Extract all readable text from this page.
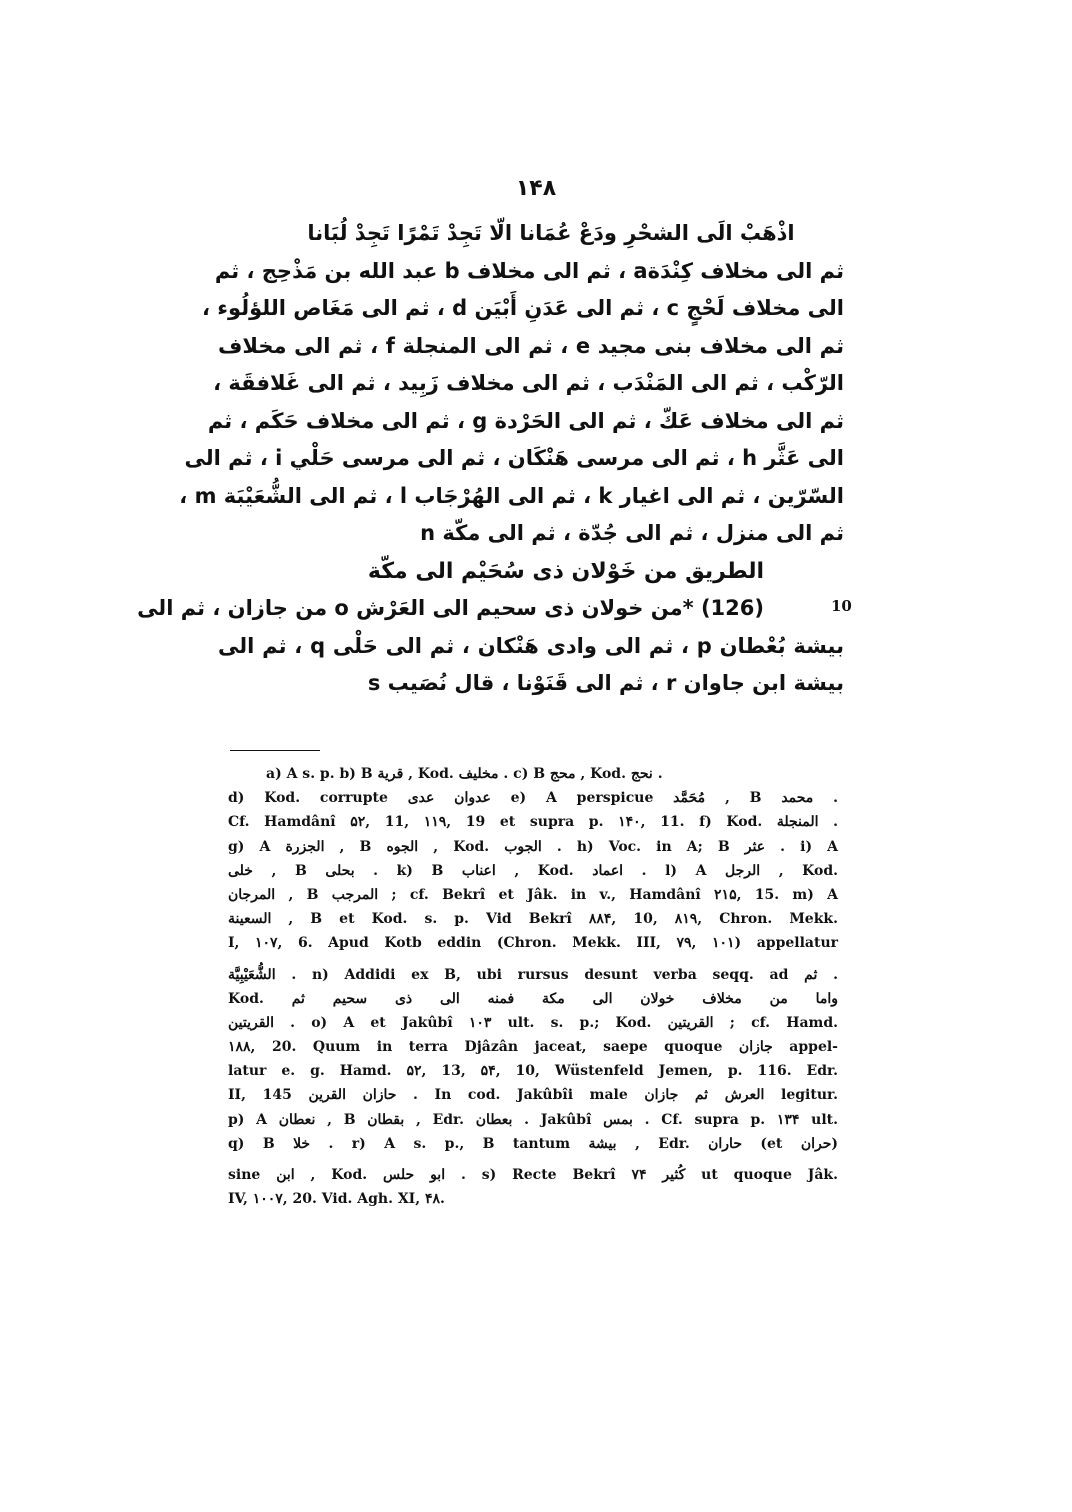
۱۴۸
اذْهَبْ الَى الشحْرِ ودَعْ عُمَانا الّا تَجِدْ تَمْرًا تَجِدْ لُبَانا
ثم الى مخلاف كِنْدَةa ، ثم الى مخلاف b عبد الله بن مَذْحِج ، ثم
الى مخلاف لَحْجٍ c ، ثم الى عَدَنِ أَبْيَن d ، ثم الى مَغَاص اللؤلُوء ،
ثم الى مخلاف بنى مجيد e ، ثم الى المنجلة f ، ثم الى مخلاف
الرّكْب ، ثم الى المَنْدَب ، ثم الى مخلاف زَبِيد ، ثم الى غَلافقَة ،
ثم الى مخلاف عَكّ ، ثم الى الحَرْدة g ، ثم الى مخلاف حَكَم ، ثم
الى عَثَّر h ، ثم الى مرسى هَنْكَان ، ثم الى مرسى حَلْي i ، ثم الى
السّرّين ، ثم الى اغيار k ، ثم الى الهُرْجَاب l ، ثم الى الشُّعَيْبَة m ،
ثم الى منزل ، ثم الى جُدّة ، ثم الى مكّة n
الطريق من خَوْلان ذى سُحَيْم الى مكّة
(126) *من خولان ذى سحيم الى العَرْش o من جازان ، ثم الى
بيشة بُعْطان p ، ثم الى وادى هَنْكان ، ثم الى حَلْى q ، ثم الى
بيشة ابن جاوان r ، ثم الى قَنَوْنا ، قال نُصَيب s
10
a) A s. p. b) B قرية , Kod. مخليف . c) B محج , Kod. نحج .
d) Kod. corrupte عدوان عدى e) A perspicue مُحَمَّد , B محمد .
Cf. Hamdânî ۵۲, 11, ۱۱۹, 19 et supra p. ۱۴۰, 11. f) Kod. المنجلة .
g) A الجزرة , B الجوه , Kod. الجوب . h) Voc. in A; B عثر . i) A
خلى , B بحلى . k) B اعناب , Kod. اعماد . l) A الرجل , Kod.
المرجان , B المرجب ; cf. Bekrî et Jâk. in v., Hamdânî ۲۱۵, 15. m) A
السعينة , B et Kod. s. p. Vid Bekrî ۸۸۴, 10, ۸۱۹, Chron. Mekk.
I, ۱۰۷, 6. Apud Kotb eddin (Chron. Mekk. III, ۷۹, ۱۰۱) appellatur
الشُّعَيْبِيَّة . n) Addidi ex B, ubi rursus desunt verba seqq. ad ثم .
Kod. واما من مخلاف خولان الى مكة فمنه الى ذى سحيم ثم
القريتين . o) A et Jakûbî ۱۰۳ ult. s. p.; Kod. القريتين ; cf. Hamd.
۱۸۸, 20. Quum in terra Djâzân jaceat, saepe quoque جازان appel-
latur e. g. Hamd. ۵۲, 13, ۵۴, 10, Wüstenfeld Jemen, p. 116. Edr.
II, 145 حازان القرين . In cod. Jakûbîi male العرش ثم جازان legitur.
p) A نعطان , B بقطان , Edr. بعطان . Jakûbî بمس . Cf. supra p. ۱۳۴ ult.
q) B خلا . r) A s. p., B tantum بيشة , Edr. حاران (et حران)
sine ابن , Kod. ابو حلس . s) Recte Bekrî ۷۴ كُثير ut quoque Jâk.
IV, ۱۰۰۷, 20. Vid. Agh. XI, ۴۸.
